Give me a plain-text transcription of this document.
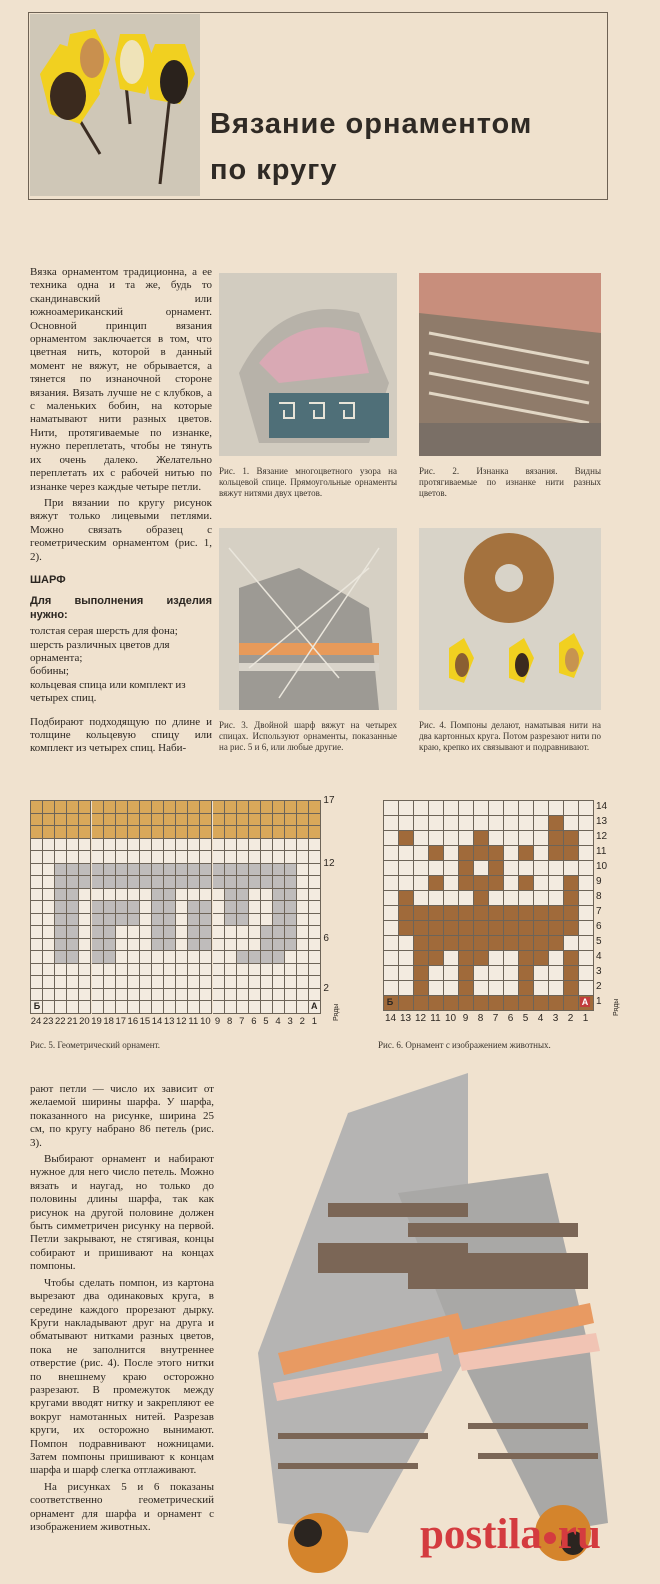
Вязание орнаментом
по кругу

Вязка орнаментом традиционна, а ее техника одна и та же, будь то скандинавский или южноамериканский орнамент. Основной принцип вязания орнаментом заключается в том, что цветная нить, которой в данный момент не вяжут, не обрывается, а тянется по изнаночной стороне вязания. Вязать лучше не с клубков, а с маленьких бобин, на которые наматывают нити разных цветов. Нити, протягиваемые по изнанке, нужно переплетать, чтобы не тянуть их очень далеко. Желательно переплетать их с рабочей нитью по изнанке через каждые четыре петли.

При вязании по кругу рисунок вяжут только лицевыми петлями. Можно связать образец с геометрическим орнаментом (рис. 1, 2).

ШАРФ

Для выполнения изделия нужно:

толстая серая шерсть для фона;

шерсть различных цветов для орнамента;

бобины;

кольцевая спица или комплект из четырех спиц.

Подбирают подходящую по длине и толщине кольцевую спицу или комплект из четырех спиц. Наби-

Рис. 1. Вязание многоцветного узора на кольцевой спице. Прямоугольные орнаменты вяжут нитями двух цветов.
Рис. 2. Изнанка вязания. Видны протягиваемые по изнанке нити разных цветов.
Рис. 3. Двойной шарф вяжут на четырех спицах. Используют орнаменты, показанные на рис. 5 и 6, или любые другие.
Рис. 4. Помпоны делают, наматывая нити на два картонных круга. Потом разрезают нити по краю, крепко их связывают и подравнивают.
Рис. 5. Геометрический орнамент.	Рис. 6. Орнамент с изображением животных.

рают петли — число их зависит от желаемой ширины шарфа. У шарфа, показанного на рисунке, ширина 25 см, по кругу набрано 86 петель (рис. 3).

Выбирают орнамент и набирают нужное для него число петель. Можно вязать и наугад, но только до половины длины шарфа, так как рисунок на другой половине должен быть симметричен рисунку на первой. Петли закрывают, не стягивая, концы собирают и пришивают на концах помпоны.

Чтобы сделать помпон, из картона вырезают два одинаковых круга, в середине каждого прорезают дырку. Круги накладывают друг на друга и обматывают нитками разных цветов, пока не заполнится внутреннее отверстие (рис. 4). После этого нитки по внешнему краю осторожно разрезают. В промежуток между кругами вводят нитку и закрепляют ее вокруг намотанных нитей. Разрезав круги, их осторожно вынимают. Помпон подравнивают ножницами. Затем помпоны пришивают к концам шарфа и шарф слегка отглаживают.

На рисунках 5 и 6 показаны соответственно геометрический орнамент для шарфа и орнамент с изображением животных.	postila ru
17
12
6
2
24 23 22 21 20 19 18 17 16 15 14 13 12 11 10 9 8 7 6 5 4 3 2 1
Б	А Ряды
14
13
12
11
10
9
8
7
6
5
4
3
2
1
14 13 12 11 10 9 8 7 6 5 4 3 2 1
Б	А	Ряды
